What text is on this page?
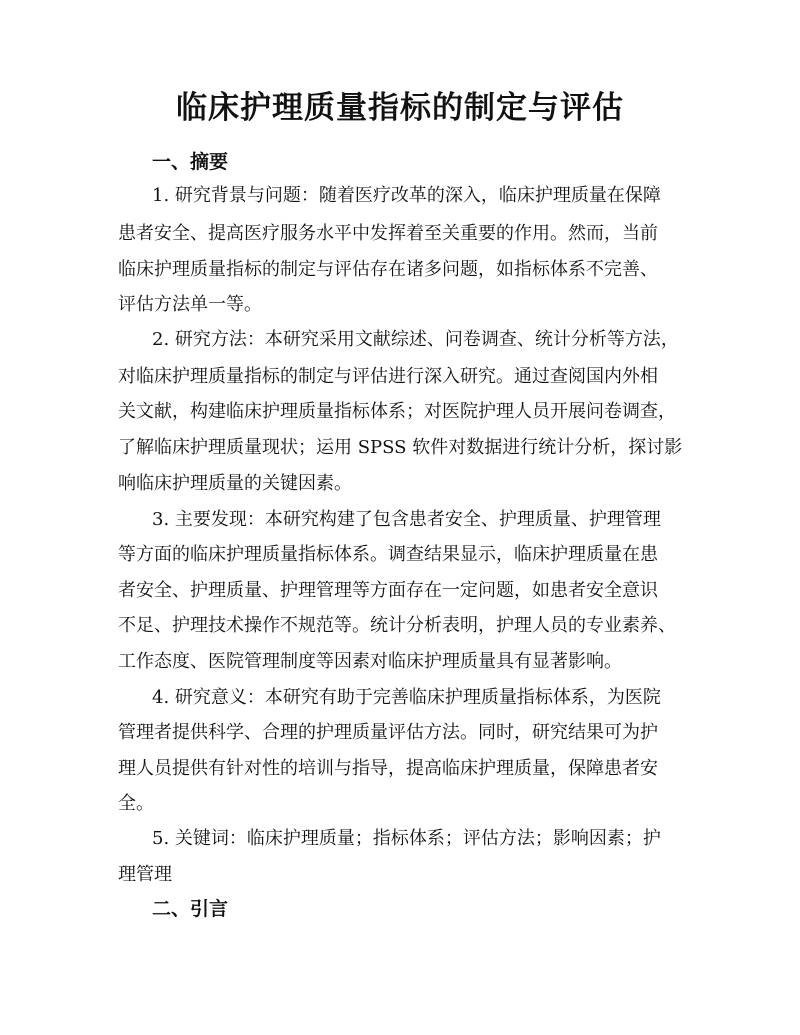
临床护理质量指标的制定与评估
一、摘要
1. 研究背景与问题：随着医疗改革的深入，临床护理质量在保障
患者安全、提高医疗服务水平中发挥着至关重要的作用。然而，当前
临床护理质量指标的制定与评估存在诸多问题，如指标体系不完善、
评估方法单一等。
2. 研究方法：本研究采用文献综述、问卷调查、统计分析等方法，
对临床护理质量指标的制定与评估进行深入研究。通过查阅国内外相
关文献，构建临床护理质量指标体系；对医院护理人员开展问卷调查，
了解临床护理质量现状；运用 SPSS 软件对数据进行统计分析，探讨影
响临床护理质量的关键因素。
3. 主要发现：本研究构建了包含患者安全、护理质量、护理管理
等方面的临床护理质量指标体系。调查结果显示，临床护理质量在患
者安全、护理质量、护理管理等方面存在一定问题，如患者安全意识
不足、护理技术操作不规范等。统计分析表明，护理人员的专业素养、
工作态度、医院管理制度等因素对临床护理质量具有显著影响。
4. 研究意义：本研究有助于完善临床护理质量指标体系，为医院
管理者提供科学、合理的护理质量评估方法。同时，研究结果可为护
理人员提供有针对性的培训与指导，提高临床护理质量，保障患者安
全。
5. 关键词：临床护理质量；指标体系；评估方法；影响因素；护
理管理
二、引言
